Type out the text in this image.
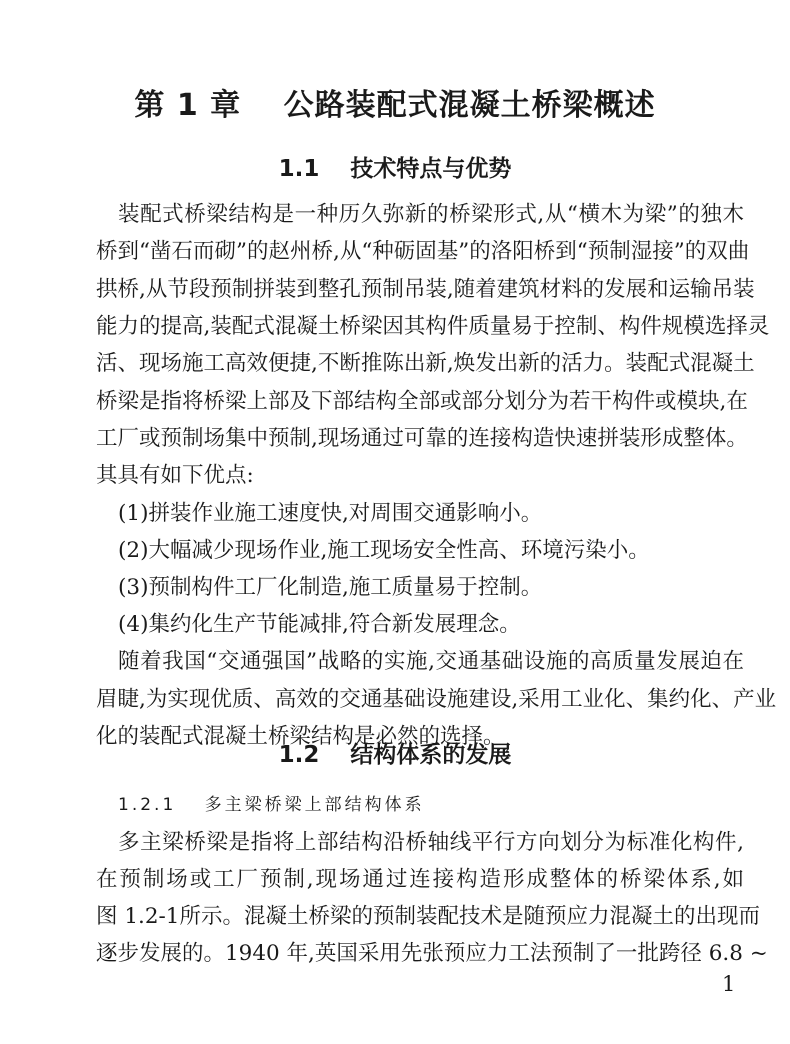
第 1 章　 公路装配式混凝土桥梁概述
1.1　 技术特点与优势
装配式桥梁结构是一种历久弥新的桥梁形式,从“横木为梁”的独木
桥到“凿石而砌”的赵州桥,从“种砺固基”的洛阳桥到“预制湿接”的双曲
拱桥,从节段预制拼装到整孔预制吊装,随着建筑材料的发展和运输吊装
能力的提高,装配式混凝土桥梁因其构件质量易于控制、构件规模选择灵
活、现场施工高效便捷,不断推陈出新,焕发出新的活力。装配式混凝土
桥梁是指将桥梁上部及下部结构全部或部分划分为若干构件或模块,在
工厂或预制场集中预制,现场通过可靠的连接构造快速拼装形成整体。
其具有如下优点:
(1)拼装作业施工速度快,对周围交通影响小。
(2)大幅减少现场作业,施工现场安全性高、环境污染小。
(3)预制构件工厂化制造,施工质量易于控制。
(4)集约化生产节能减排,符合新发展理念。
随着我国“交通强国”战略的实施,交通基础设施的高质量发展迫在
眉睫,为实现优质、高效的交通基础设施建设,采用工业化、集约化、产业
化的装配式混凝土桥梁结构是必然的选择。
1.2　 结构体系的发展
1.2.1　 多主梁桥梁上部结构体系
多主梁桥梁是指将上部结构沿桥轴线平行方向划分为标准化构件,
在预制场或工厂预制,现场通过连接构造形成整体的桥梁体系,如
图 1.2-1所示。混凝土桥梁的预制装配技术是随预应力混凝土的出现而
逐步发展的。1940 年,英国采用先张预应力工法预制了一批跨径 6.8 ~
1
